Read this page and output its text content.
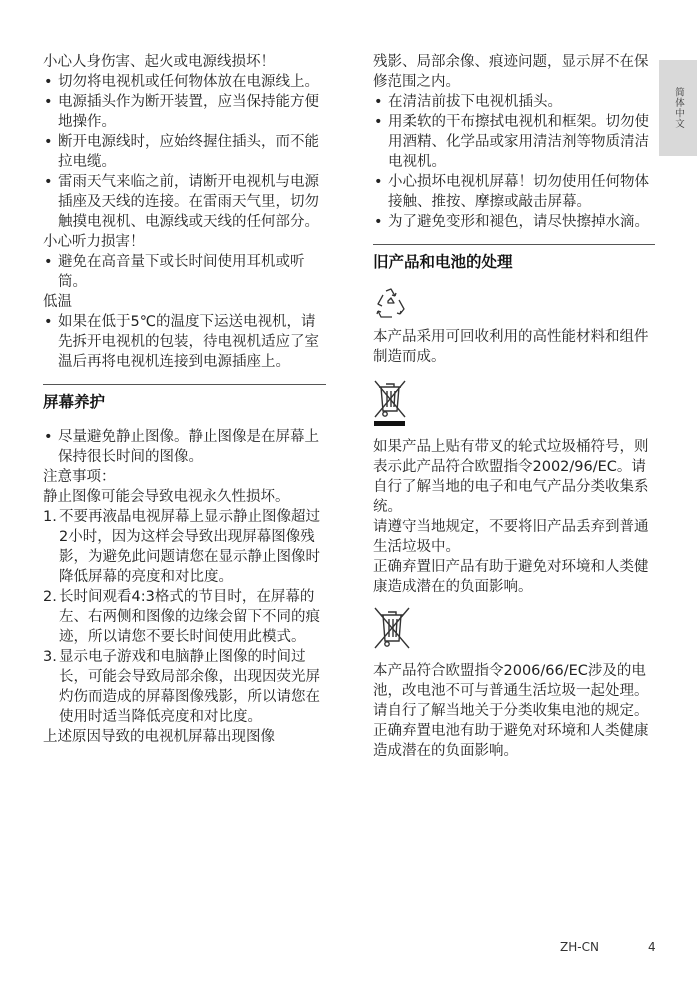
简体中文

小心人身伤害、起火或电源线损坏！

• 切勿将电视机或任何物体放在电源线上。
• 电源插头作为断开装置，应当保持能方便地操作。
• 断开电源线时，应始终握住插头，而不能拉电缆。
• 雷雨天气来临之前，请断开电视机与电源插座及天线的连接。在雷雨天气里，切勿触摸电视机、电源线或天线的任何部分。

小心听力损害！

• 避免在高音量下或长时间使用耳机或听筒。

低温

• 如果在低于5℃的温度下运送电视机，请先拆开电视机的包装，待电视机适应了室温后再将电视机连接到电源插座上。
屏幕养护
• 尽量避免静止图像。静止图像是在屏幕上保持很长时间的图像。

注意事项：

静止图像可能会导致电视永久性损坏。

1. 不要再液晶电视屏幕上显示静止图像超过2小时，因为这样会导致出现屏幕图像残影，为避免此问题请您在显示静止图像时降低屏幕的亮度和对比度。
2. 长时间观看4:3格式的节目时，在屏幕的左、右两侧和图像的边缘会留下不同的痕迹，所以请您不要长时间使用此模式。
3. 显示电子游戏和电脑静止图像的时间过长，可能会导致局部余像，出现因荧光屏灼伤而造成的屏幕图像残影，所以请您在使用时适当降低亮度和对比度。

上述原因导致的电视机屏幕出现图像

残影、局部余像、痕迹问题，显示屏不在保修范围之内。

• 在清洁前拔下电视机插头。
• 用柔软的干布擦拭电视机和框架。切勿使用酒精、化学品或家用清洁剂等物质清洁电视机。
• 小心损坏电视机屏幕！切勿使用任何物体接触、推按、摩擦或敲击屏幕。
• 为了避免变形和褪色，请尽快擦掉水滴。
旧产品和电池的处理

本产品采用可回收利用的高性能材料和组件制造而成。

如果产品上贴有带叉的轮式垃圾桶符号，则表示此产品符合欧盟指令2002/96/EC。请自行了解当地的电子和电气产品分类收集系统。

请遵守当地规定，不要将旧产品丢弃到普通生活垃圾中。

正确弃置旧产品有助于避免对环境和人类健康造成潜在的负面影响。

本产品符合欧盟指令2006/66/EC涉及的电池，改电池不可与普通生活垃圾一起处理。

请自行了解当地关于分类收集电池的规定。正确弃置电池有助于避免对环境和人类健康造成潜在的负面影响。

ZH-CN	4
